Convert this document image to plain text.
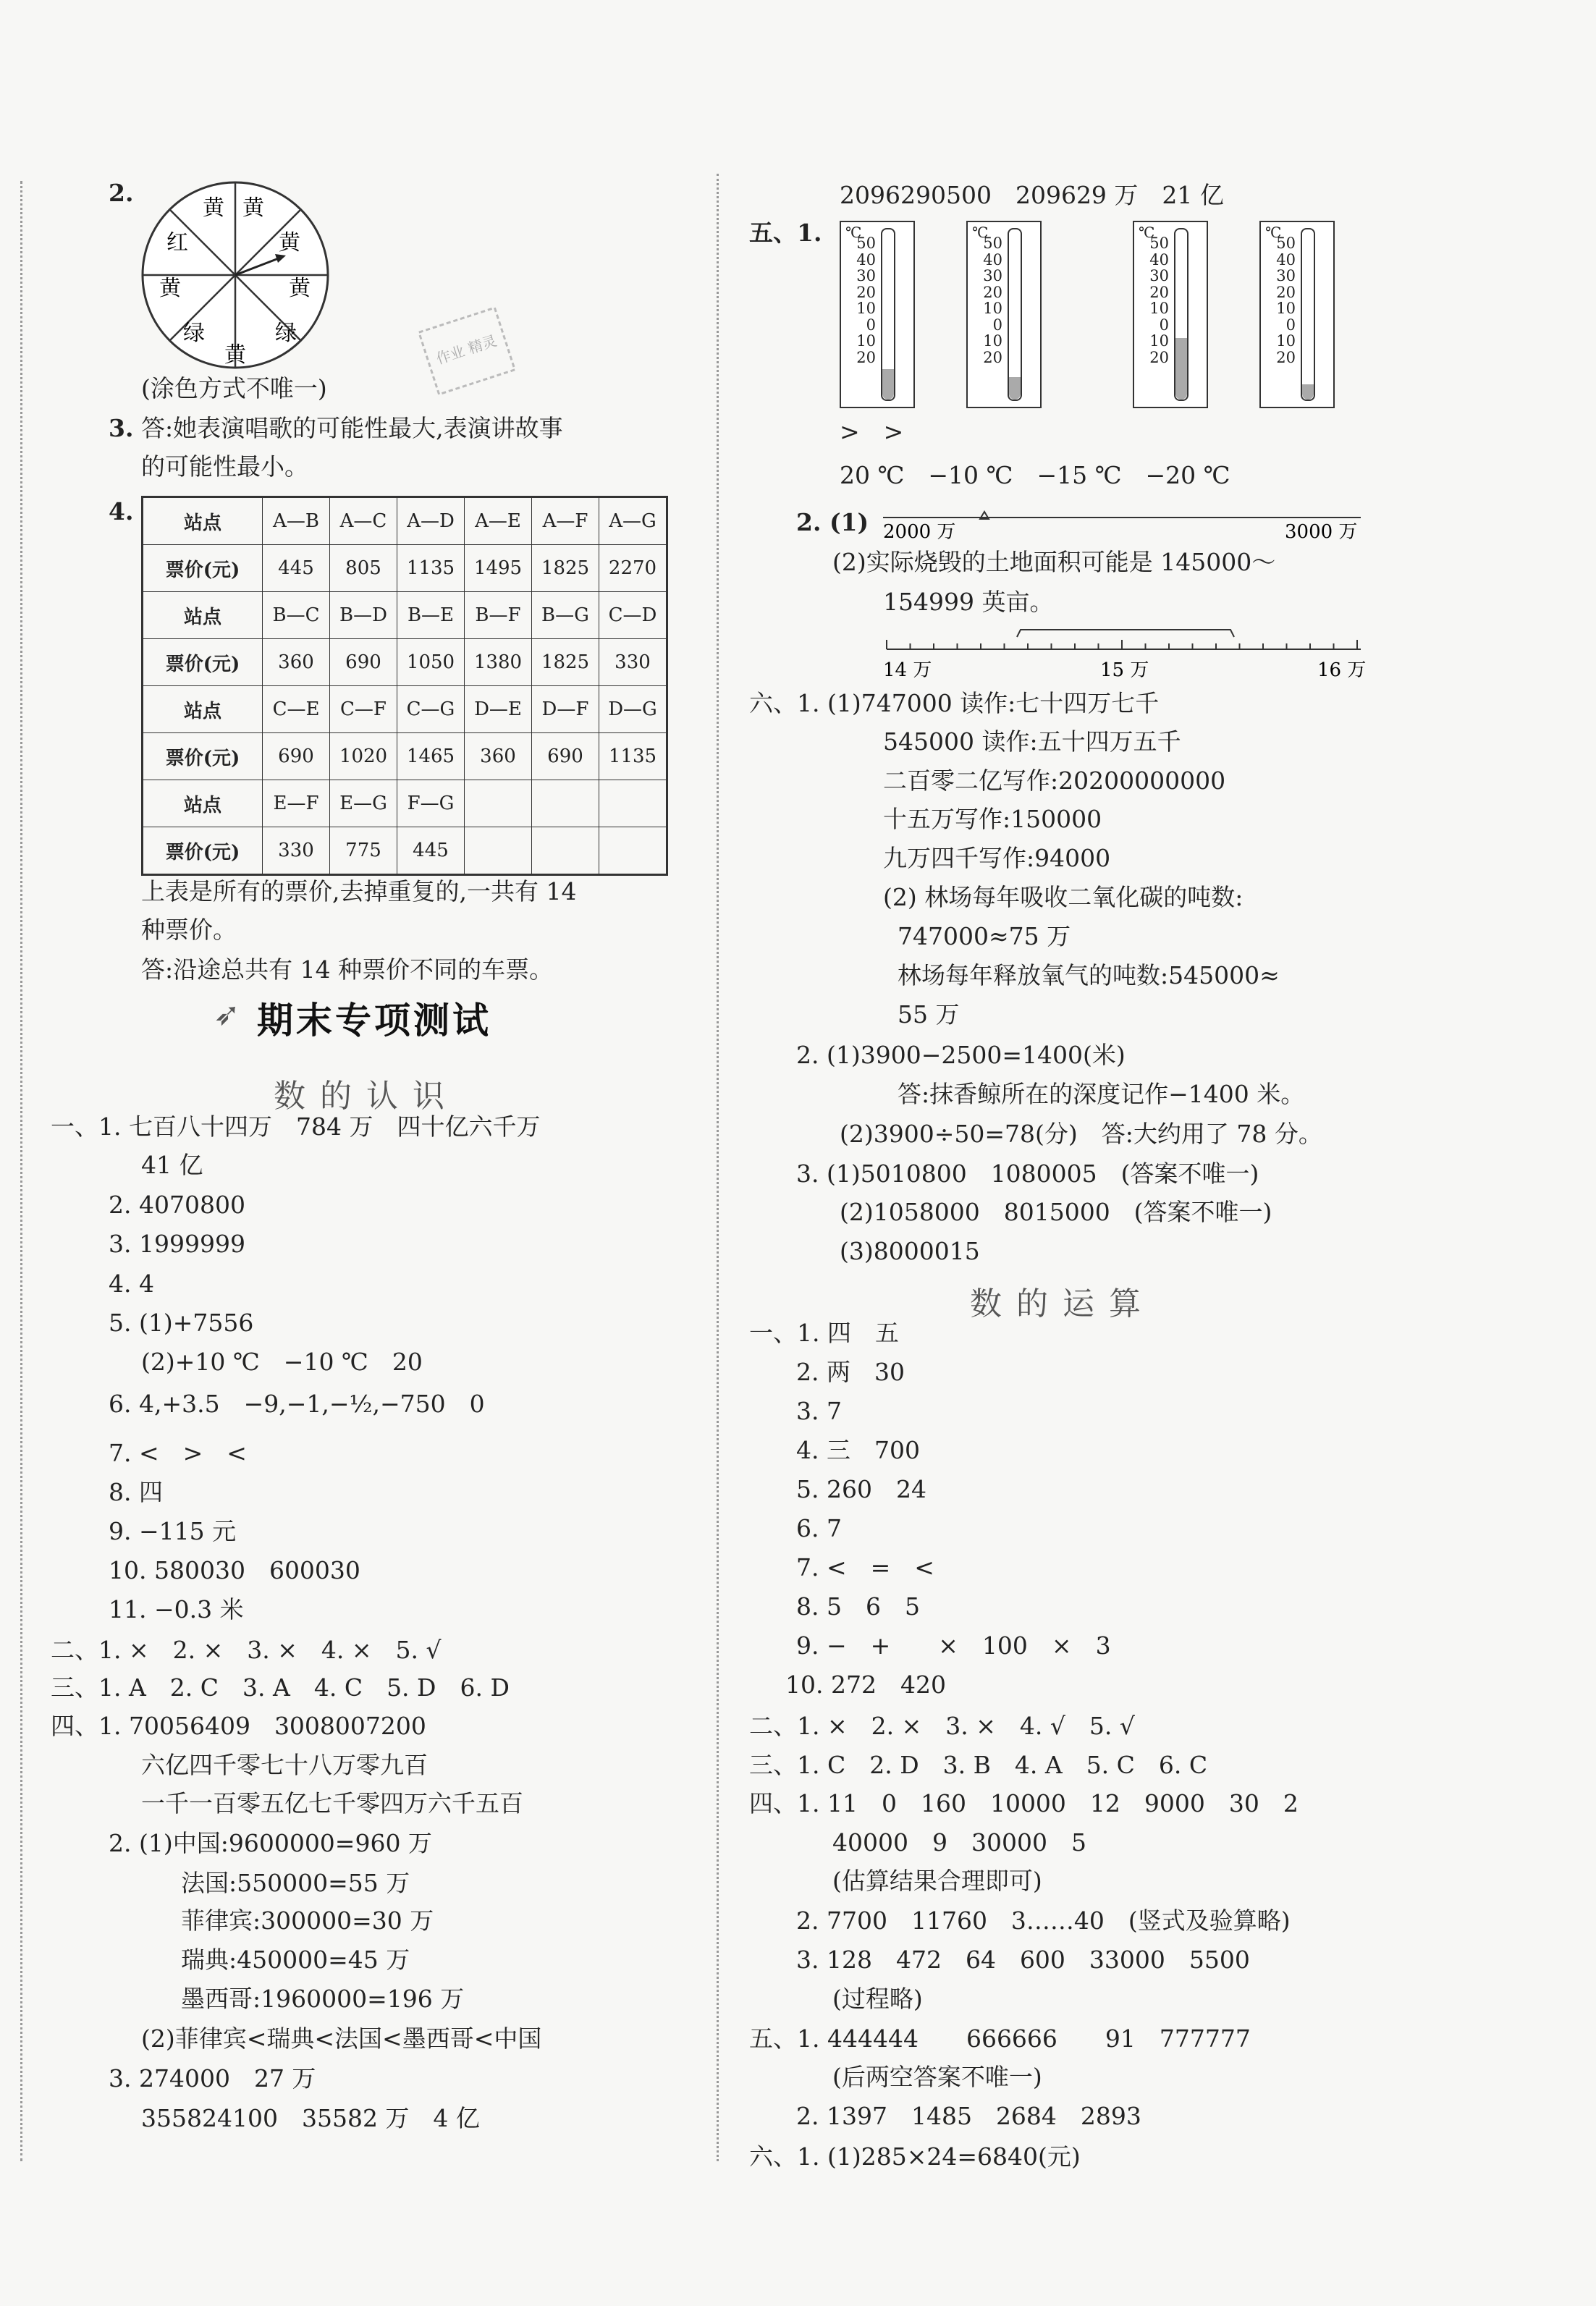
2.
黄
黄
黄
绿
黄
绿
黄
红
黄
作业 精灵
(涂色方式不唯一)
3. 答:她表演唱歌的可能性最大,表演讲故事
的可能性最小。
4.	站点	A—B	A—C	A—D	A—E	A—F	A—G
票价(元)	445	805	1135	1495	1825	2270
站点	B—C	B—D	B—E	B—F	B—G	C—D
票价(元)	360	690	1050	1380	1825	330
站点	C—E	C—F	C—G	D—E	D—F	D—G
票价(元)	690	1020	1465	360	690	1135
站点	E—F	E—G	F—G			
票价(元)	330	775	445			
上表是所有的票价,去掉重复的,一共有 14
种票价。
答:沿途总共有 14 种票价不同的车票。
➶ 期末专项测试
数的认识
一、1. 七百八十四万　784 万　四十亿六千万
41 亿
2. 4070800
3. 1999999
4. 4
5. (1)+7556
(2)+10 ℃　−10 ℃　20
6. 4,+3.5　−9,−1,−½,−750　0
7. <　>　<
8. 四
9. −115 元
10. 580030　600030
11. −0.3 米
二、1. ×　2. ×　3. ×　4. ×　5. √
三、1. A　2. C　3. A　4. C　5. D　6. D
四、1. 70056409　3008007200
六亿四千零七十八万零九百
一千一百零五亿七千零四万六千五百
2. (1)中国:9600000=960 万
法国:550000=55 万
菲律宾:300000=30 万
瑞典:450000=45 万
墨西哥:1960000=196 万
(2)菲律宾<瑞典<法国<墨西哥<中国
3. 274000　27 万
355824100　35582 万　4 亿
2096290500　209629 万　21 亿
五、1. ℃
50
40
30
20
10
0
10
20
℃
50
40
30
20
10
0
10
20
℃
50
40
30
20
10
0
10
20
℃
50
40
30
20
10
0
10
20
>　>
20 ℃　−10 ℃　−15 ℃　−20 ℃
2. (1) 2000 万	3000 万
(2)实际烧毁的土地面积可能是 145000～
154999 英亩。
14 万	15 万	16 万
六、1. (1)747000 读作:七十四万七千
545000 读作:五十四万五千
二百零二亿写作:20200000000
十五万写作:150000
九万四千写作:94000
(2) 林场每年吸收二氧化碳的吨数:
747000≈75 万
林场每年释放氧气的吨数:545000≈
55 万
2. (1)3900−2500=1400(米)
答:抹香鲸所在的深度记作−1400 米。
(2)3900÷50=78(分)　答:大约用了 78 分。
3. (1)5010800　1080005　(答案不唯一)
(2)1058000　8015000　(答案不唯一)
(3)8000015
数的运算
一、1. 四　五
2. 两　30
3. 7
4. 三　700
5. 260　24
6. 7
7. <　=　<
8. 5　6　5
9. −　+　　×　100　×　3
10. 272　420
二、1. ×　2. ×　3. ×　4. √　5. √
三、1. C　2. D　3. B　4. A　5. C　6. C
四、1. 11　0　160　10000　12　9000　30　2
40000　9　30000　5
(估算结果合理即可)
2. 7700　11760　3……40　(竖式及验算略)
3. 128　472　64　600　33000　5500
(过程略)
五、1. 444444　　666666　　91　777777
(后两空答案不唯一)
2. 1397　1485　2684　2893
六、1. (1)285×24=6840(元)
